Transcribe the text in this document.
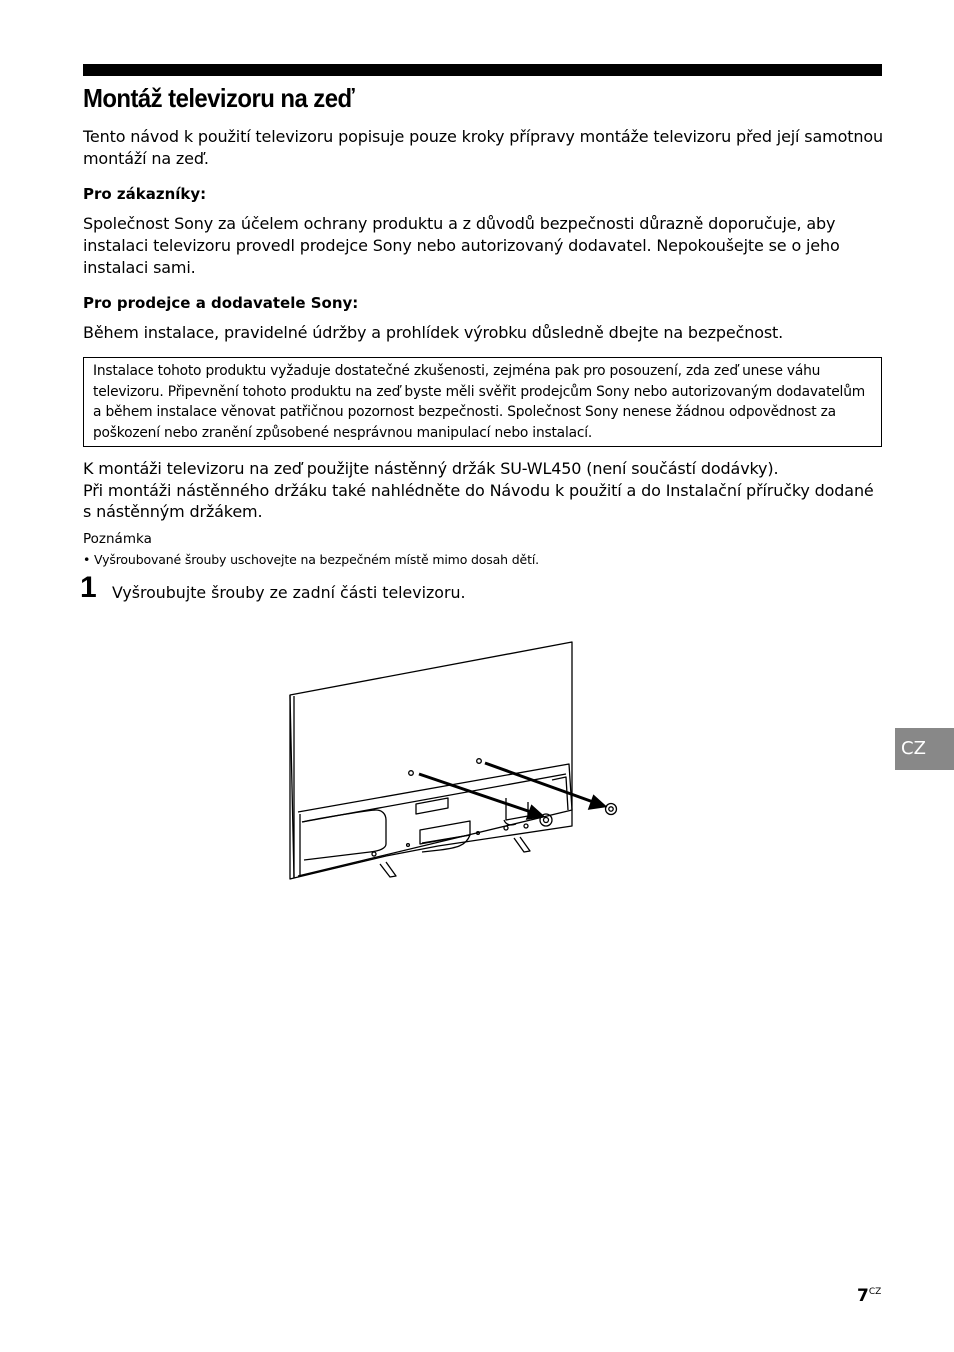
Montáž televizoru na zeď

Tento návod k použití televizoru popisuje pouze kroky přípravy montáže televizoru před její samotnou montáží na zeď.

Pro zákazníky:

Společnost Sony za účelem ochrany produktu a z důvodů bezpečnosti důrazně doporučuje, aby instalaci televizoru provedl prodejce Sony nebo autorizovaný dodavatel. Nepokoušejte se o jeho instalaci sami.

Pro prodejce a dodavatele Sony:

Během instalace, pravidelné údržby a prohlídek výrobku důsledně dbejte na bezpečnost.

Instalace tohoto produktu vyžaduje dostatečné zkušenosti, zejména pak pro posouzení, zda zeď unese váhu televizoru. Připevnění tohoto produktu na zeď byste měli svěřit prodejcům Sony nebo autorizovaným dodavatelům a během instalace věnovat patřičnou pozornost bezpečnosti. Společnost Sony nenese žádnou odpovědnost za poškození nebo zranění způsobené nesprávnou manipulací nebo instalací.

K montáži televizoru na zeď použijte nástěnný držák SU-WL450 (není součástí dodávky).

Při montáži nástěnného držáku také nahlédněte do Návodu k použití a do Instalační příručky dodané s nástěnným držákem.

Poznámka
• Vyšroubované šrouby uschovejte na bezpečném místě mimo dosah dětí.
1 Vyšroubujte šrouby ze zadní části televizoru.
CZ
$7^{CZ}$
